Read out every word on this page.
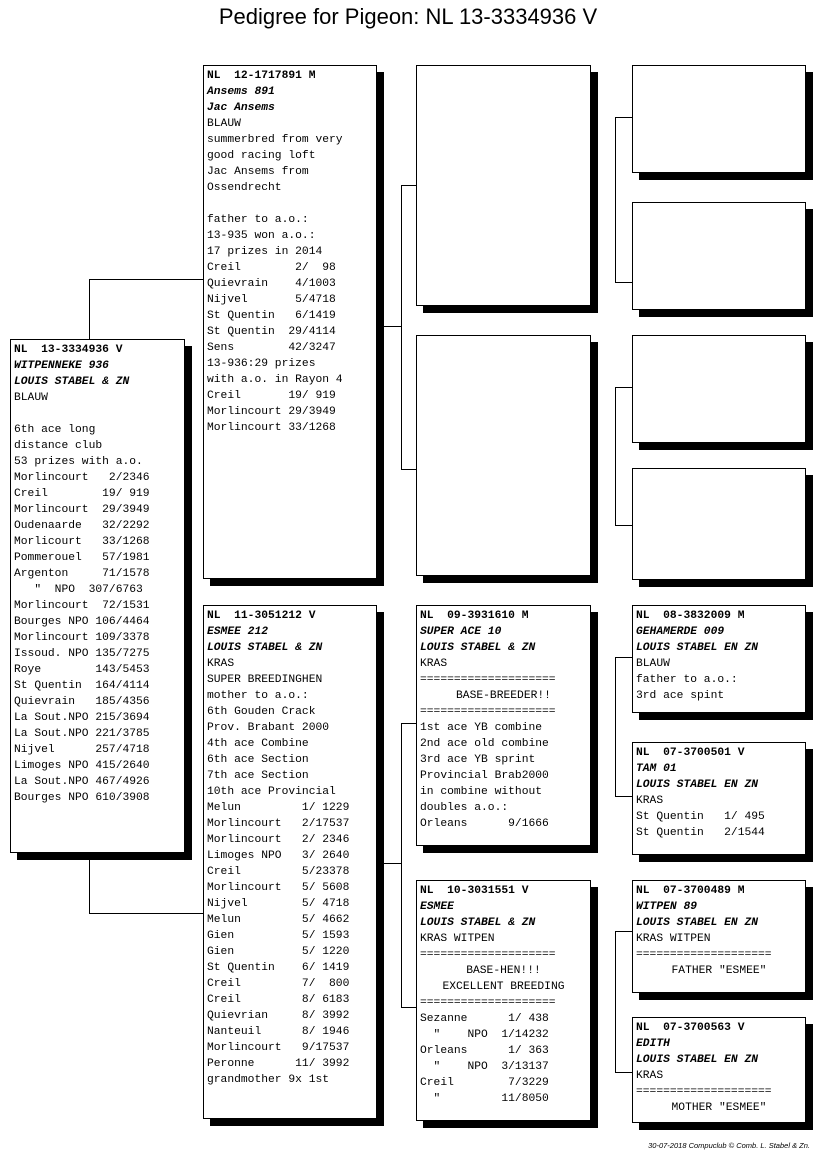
Pedigree for Pigeon: NL 13-3334936 V
NL  13-3334936 V
WITPENNEKE 936
LOUIS STABEL & ZN
BLAUW
6th ace long
distance club
53 prizes with a.o.
Morlincourt   2/2346
Creil        19/ 919
Morlincourt  29/3949
Oudenaarde   32/2292
Morlicourt   33/1268
Pommerouel   57/1981
Argenton     71/1578
"  NPO  307/6763
Morlincourt  72/1531
Bourges NPO 106/4464
Morlincourt 109/3378
Issoud. NPO 135/7275
Roye        143/5453
St Quentin  164/4114
Quievrain   185/4356
La Sout.NPO 215/3694
La Sout.NPO 221/3785
Nijvel      257/4718
Limoges NPO 415/2640
La Sout.NPO 467/4926
Bourges NPO 610/3908
NL  12-1717891 M
Ansems 891
Jac Ansems
BLAUW
summerbred from very
good racing loft
Jac Ansems from
Ossendrecht
father to a.o.:
13-935 won a.o.:
17 prizes in 2014
Creil        2/  98
Quievrain    4/1003
Nijvel       5/4718
St Quentin   6/1419
St Quentin  29/4114
Sens        42/3247
13-936:29 prizes
with a.o. in Rayon 4
Creil       19/ 919
Morlincourt 29/3949
Morlincourt 33/1268
NL  11-3051212 V
ESMEE 212
LOUIS STABEL & ZN
KRAS
SUPER BREEDINGHEN
mother to a.o.:
6th Gouden Crack
Prov. Brabant 2000
4th ace Combine
6th ace Section
7th ace Section
10th ace Provincial
Melun         1/ 1229
Morlincourt   2/17537
Morlincourt   2/ 2346
Limoges NPO   3/ 2640
Creil         5/23378
Morlincourt   5/ 5608
Nijvel        5/ 4718
Melun         5/ 4662
Gien          5/ 1593
Gien          5/ 1220
St Quentin    6/ 1419
Creil         7/  800
Creil         8/ 6183
Quievrian     8/ 3992
Nanteuil      8/ 1946
Morlincourt   9/17537
Peronne      11/ 3992
grandmother 9x 1st
NL  09-3931610 M
SUPER ACE 10
LOUIS STABEL & ZN
KRAS
====================
BASE-BREEDER!!
====================
1st ace YB combine
2nd ace old combine
3rd ace YB sprint
Provincial Brab2000
in combine without
doubles a.o.:
Orleans      9/1666
NL  10-3031551 V
ESMEE
LOUIS STABEL & ZN
KRAS WITPEN
====================
BASE-HEN!!!
EXCELLENT BREEDING
====================
Sezanne      1/ 438
"    NPO  1/14232
Orleans      1/ 363
"    NPO  3/13137
Creil        7/3229
"         11/8050
NL  08-3832009 M
GEHAMERDE 009
LOUIS STABEL EN ZN
BLAUW
father to a.o.:
3rd ace spint
NL  07-3700501 V
TAM 01
LOUIS STABEL EN ZN
KRAS
St Quentin   1/ 495
St Quentin   2/1544
NL  07-3700489 M
WITPEN 89
LOUIS STABEL EN ZN
KRAS WITPEN
====================
FATHER "ESMEE"
NL  07-3700563 V
EDITH
LOUIS STABEL EN ZN
KRAS
====================
MOTHER "ESMEE"
30-07-2018 Compuclub © Comb. L. Stabel & Zn.
